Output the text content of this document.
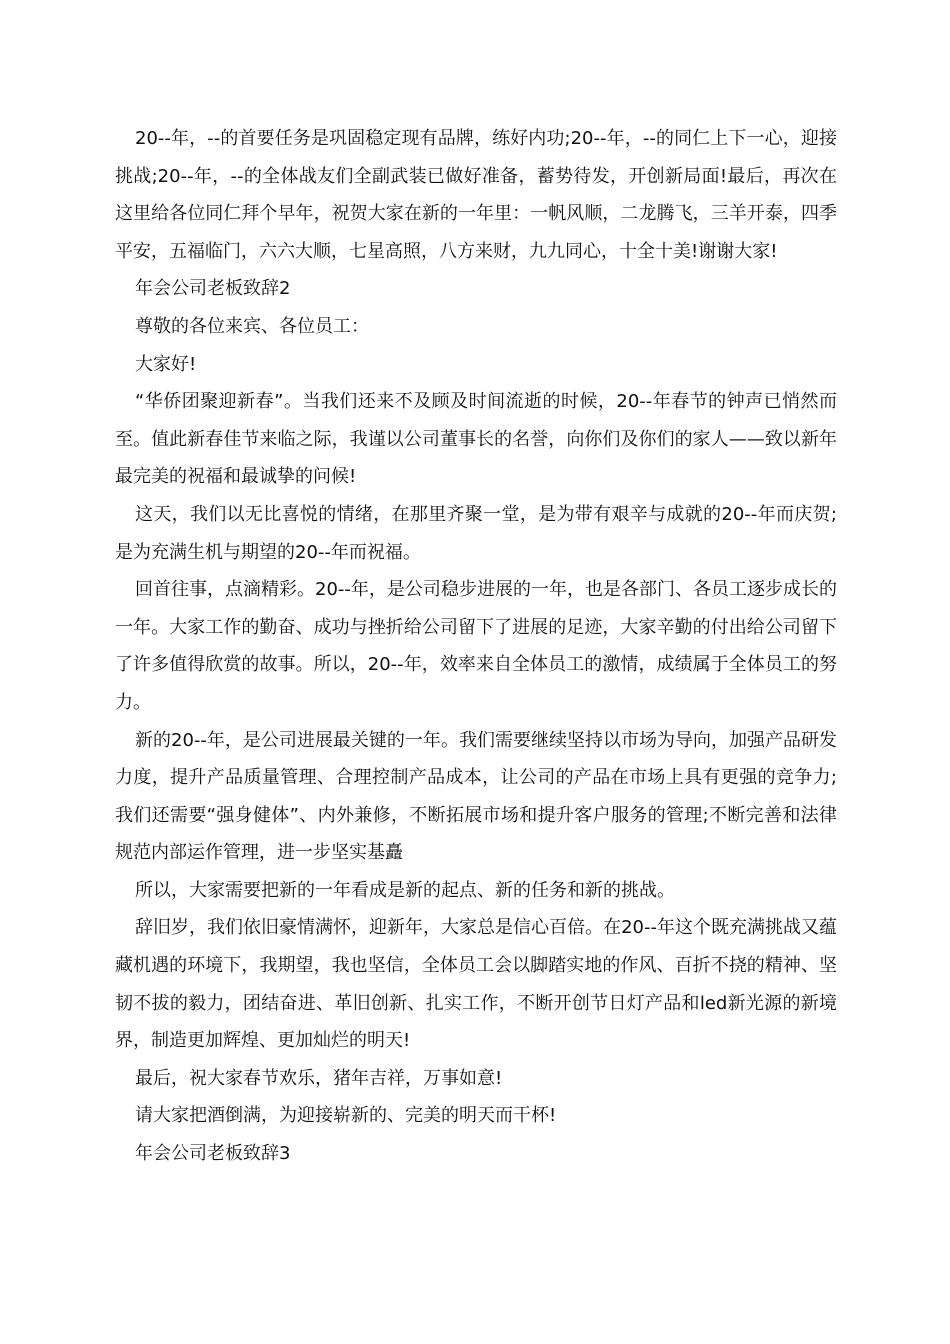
20--年，--的首要任务是巩固稳定现有品牌，练好内功;20--年，--的同仁上下一心，迎接挑战;20--年，--的全体战友们全副武装已做好准备，蓄势待发，开创新局面!最后，再次在这里给各位同仁拜个早年，祝贺大家在新的一年里：一帆风顺，二龙腾飞，三羊开泰，四季平安，五福临门，六六大顺，七星高照，八方来财，九九同心，十全十美!谢谢大家!

年会公司老板致辞2

尊敬的各位来宾、各位员工：

大家好!

“华侨团聚迎新春”。当我们还来不及顾及时间流逝的时候，20--年春节的钟声已悄然而至。值此新春佳节来临之际，我谨以公司董事长的名誉，向你们及你们的家人——致以新年最完美的祝福和最诚挚的问候!

这天，我们以无比喜悦的情绪，在那里齐聚一堂，是为带有艰辛与成就的20--年而庆贺;是为充满生机与期望的20--年而祝福。

回首往事，点滴精彩。20--年，是公司稳步进展的一年，也是各部门、各员工逐步成长的一年。大家工作的勤奋、成功与挫折给公司留下了进展的足迹，大家辛勤的付出给公司留下了许多值得欣赏的故事。所以，20--年，效率来自全体员工的激情，成绩属于全体员工的努力。

新的20--年，是公司进展最关键的一年。我们需要继续坚持以市场为导向，加强产品研发力度，提升产品质量管理、合理控制产品成本，让公司的产品在市场上具有更强的竞争力;我们还需要“强身健体”、内外兼修，不断拓展市场和提升客户服务的管理;不断完善和法律规范内部运作管理，进一步坚实基矗

所以，大家需要把新的一年看成是新的起点、新的任务和新的挑战。

辞旧岁，我们依旧豪情满怀，迎新年，大家总是信心百倍。在20--年这个既充满挑战又蕴藏机遇的环境下，我期望，我也坚信，全体员工会以脚踏实地的作风、百折不挠的精神、坚韧不拔的毅力，团结奋进、革旧创新、扎实工作，不断开创节日灯产品和led新光源的新境界，制造更加辉煌、更加灿烂的明天!

最后，祝大家春节欢乐，猪年吉祥，万事如意!

请大家把酒倒满，为迎接崭新的、完美的明天而干杯!

年会公司老板致辞3
